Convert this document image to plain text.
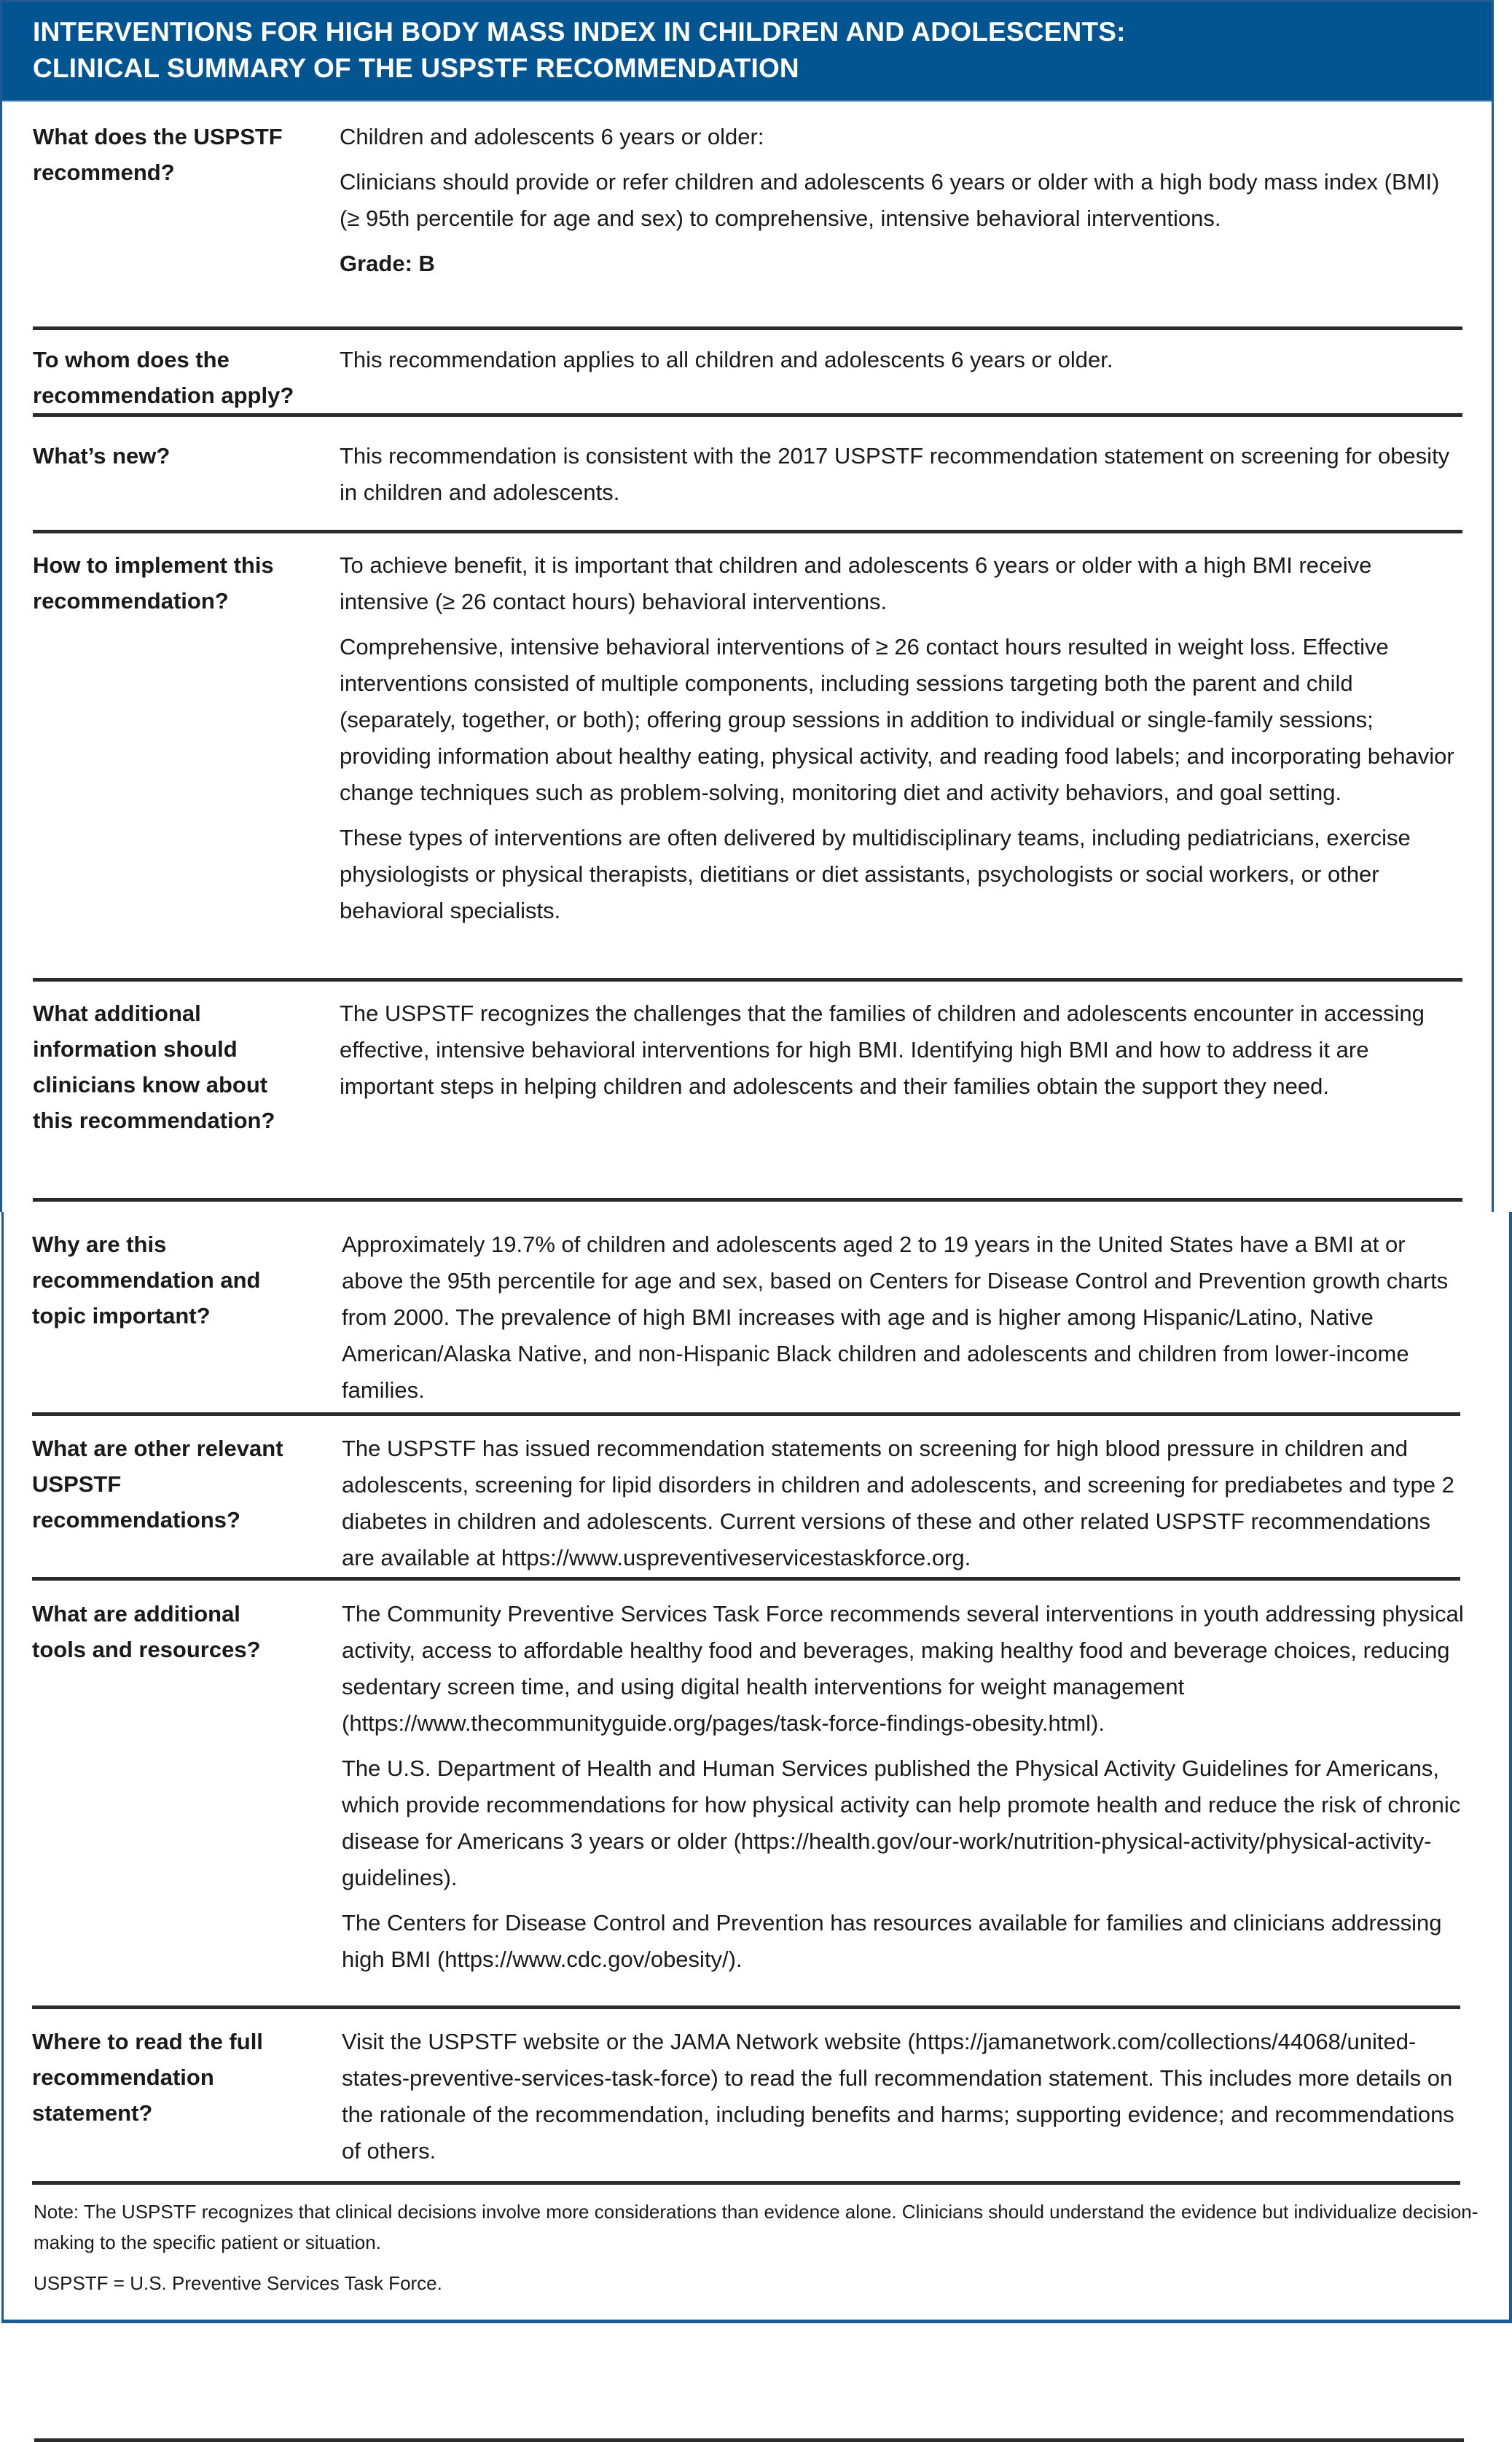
INTERVENTIONS FOR HIGH BODY MASS INDEX IN CHILDREN AND ADOLESCENTS:
CLINICAL SUMMARY OF THE USPSTF RECOMMENDATION
What does the USPSTF recommend?

Children and adolescents 6 years or older:

Clinicians should provide or refer children and adolescents 6 years or older with a high body mass index (BMI) (≥ 95th percentile for age and sex) to comprehensive, intensive behavioral interventions.

Grade: B

To whom does the recommendation apply?

This recommendation applies to all children and adolescents 6 years or older.

What’s new?	This recommendation is consistent with the 2017 USPSTF recommendation statement on screening for obesity in children and adolescents.

How to implement this recommendation?

To achieve benefit, it is important that children and adolescents 6 years or older with a high BMI receive intensive (≥ 26 contact hours) behavioral interventions.

Comprehensive, intensive behavioral interventions of ≥ 26 contact hours resulted in weight loss. Effective interventions consisted of multiple components, including sessions targeting both the parent and child (separately, together, or both); offering group sessions in addition to individual or single-family sessions; providing information about healthy eating, physical activity, and reading food labels; and incorporating behavior change techniques such as problem-solving, monitoring diet and activity behaviors, and goal setting.

These types of interventions are often delivered by multidisciplinary teams, including pediatricians, exercise physiologists or physical therapists, dietitians or diet assistants, psychologists or social workers, or other behavioral specialists.

What additional information should clinicians know about this recommendation?

The USPSTF recognizes the challenges that the families of children and adolescents encounter in accessing effective, intensive behavioral interventions for high BMI. Identifying high BMI and how to address it are important steps in helping children and adolescents and their families obtain the support they need.

Why are this recommendation and topic important?

Approximately 19.7% of children and adolescents aged 2 to 19 years in the United States have a BMI at or above the 95th percentile for age and sex, based on Centers for Disease Control and Prevention growth charts from 2000. The prevalence of high BMI increases with age and is higher among Hispanic/Latino, Native American/Alaska Native, and non-Hispanic Black children and adolescents and children from lower-income families.

What are other relevant USPSTF recommendations?

The USPSTF has issued recommendation statements on screening for high blood pressure in children and adolescents, screening for lipid disorders in children and adolescents, and screening for prediabetes and type 2 diabetes in children and adolescents. Current versions of these and other related USPSTF recommendations are available at https://www.uspreventiveservicestaskforce.org.

What are additional tools and resources?

The Community Preventive Services Task Force recommends several interventions in youth addressing physical activity, access to affordable healthy food and beverages, making healthy food and beverage choices, reducing sedentary screen time, and using digital health interventions for weight management (https://www.thecommunityguide.org/pages/task-force-findings-obesity.html).

The U.S. Department of Health and Human Services published the Physical Activity Guidelines for Americans, which provide recommendations for how physical activity can help promote health and reduce the risk of chronic disease for Americans 3 years or older (https://health.gov/our-work/nutrition-physical-activity/physical-activity-guidelines).

The Centers for Disease Control and Prevention has resources available for families and clinicians addressing high BMI (https://www.cdc.gov/obesity/).

Where to read the full recommendation statement?

Visit the USPSTF website or the JAMA Network website (https://jamanetwork.com/collections/44068/united-states-preventive-services-task-force) to read the full recommendation statement. This includes more details on the rationale of the recommendation, including benefits and harms; supporting evidence; and recommendations of others.

Note: The USPSTF recognizes that clinical decisions involve more considerations than evidence alone. Clinicians should understand the evidence but individualize decision-making to the specific patient or situation.

USPSTF = U.S. Preventive Services Task Force.
